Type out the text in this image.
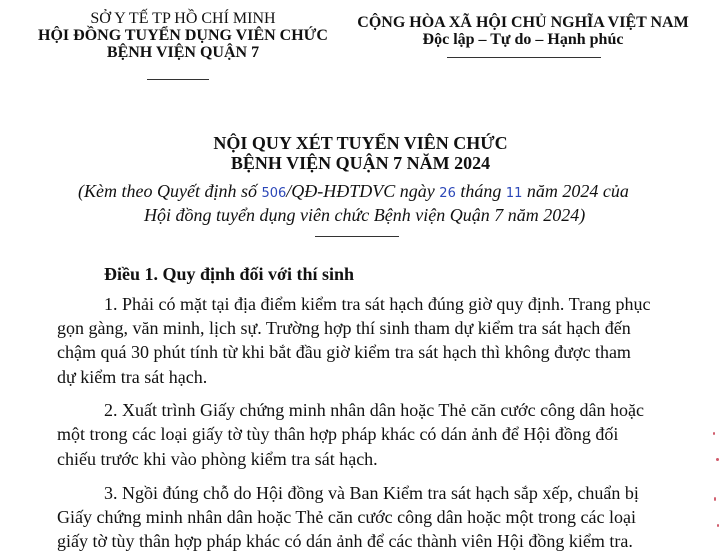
SỞ Y TẾ TP HỒ CHÍ MINH
HỘI ĐỒNG TUYỂN DỤNG VIÊN CHỨC
BỆNH VIỆN QUẬN 7
CỘNG HÒA XÃ HỘI CHỦ NGHĨA VIỆT NAM
Độc lập – Tự do – Hạnh phúc
NỘI QUY XÉT TUYỂN VIÊN CHỨC
BỆNH VIỆN QUẬN 7 NĂM 2024
(Kèm theo Quyết định số 506/QĐ-HĐTDVC ngày 26 tháng 11 năm 2024 của
Hội đồng tuyển dụng viên chức Bệnh viện Quận 7 năm 2024)
Điều 1. Quy định đối với thí sinh
1. Phải có mặt tại địa điểm kiểm tra sát hạch đúng giờ quy định. Trang phục
gọn gàng, văn minh, lịch sự. Trường hợp thí sinh tham dự kiểm tra sát hạch đến
chậm quá 30 phút tính từ khi bắt đầu giờ kiểm tra sát hạch thì không được tham
dự kiểm tra sát hạch.
2. Xuất trình Giấy chứng minh nhân dân hoặc Thẻ căn cước công dân hoặc
một trong các loại giấy tờ tùy thân hợp pháp khác có dán ảnh để Hội đồng đối
chiếu trước khi vào phòng kiểm tra sát hạch.
3. Ngồi đúng chỗ do Hội đồng và Ban Kiểm tra sát hạch sắp xếp, chuẩn bị
Giấy chứng minh nhân dân hoặc Thẻ căn cước công dân hoặc một trong các loại
giấy tờ tùy thân hợp pháp khác có dán ảnh để các thành viên Hội đồng kiểm tra.
